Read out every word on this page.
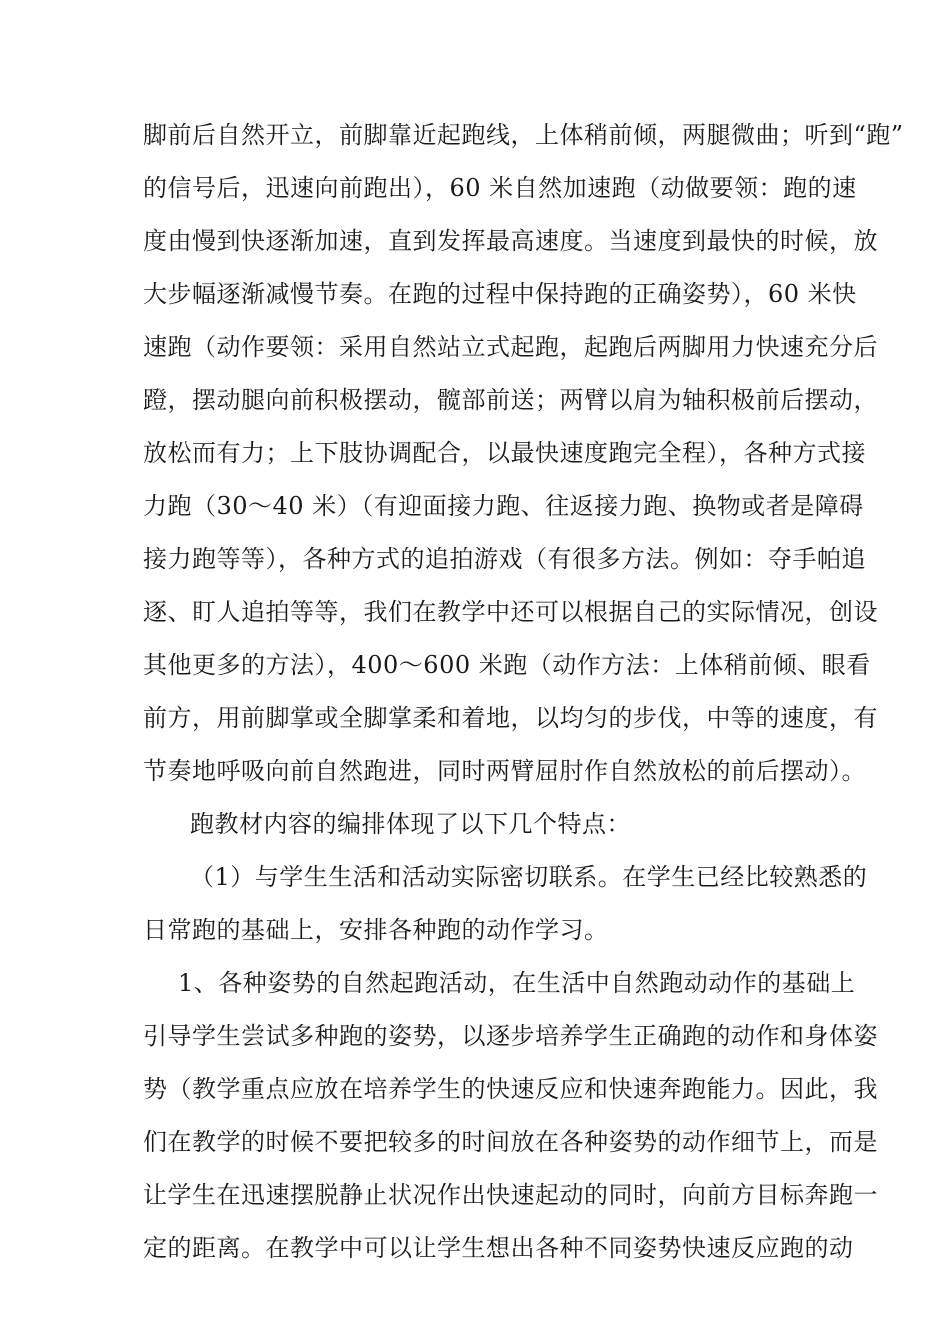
脚前后自然开立，前脚靠近起跑线，上体稍前倾，两腿微曲；听到“跑”
的信号后，迅速向前跑出），60 米自然加速跑（动做要领：跑的速
度由慢到快逐渐加速，直到发挥最高速度。当速度到最快的时候，放
大步幅逐渐减慢节奏。在跑的过程中保持跑的正确姿势），60 米快
速跑（动作要领：采用自然站立式起跑，起跑后两脚用力快速充分后
蹬，摆动腿向前积极摆动，髋部前送；两臂以肩为轴积极前后摆动，
放松而有力；上下肢协调配合，以最快速度跑完全程），各种方式接
力跑（30～40 米）（有迎面接力跑、往返接力跑、换物或者是障碍
接力跑等等），各种方式的追拍游戏（有很多方法。例如：夺手帕追
逐、盯人追拍等等，我们在教学中还可以根据自己的实际情况，创设
其他更多的方法），400～600 米跑（动作方法：上体稍前倾、眼看
前方，用前脚掌或全脚掌柔和着地，以均匀的步伐，中等的速度，有
节奏地呼吸向前自然跑进，同时两臂屈肘作自然放松的前后摆动）。
跑教材内容的编排体现了以下几个特点：
（1）与学生生活和活动实际密切联系。在学生已经比较熟悉的
日常跑的基础上，安排各种跑的动作学习。
1、各种姿势的自然起跑活动，在生活中自然跑动动作的基础上
引导学生尝试多种跑的姿势，以逐步培养学生正确跑的动作和身体姿
势（教学重点应放在培养学生的快速反应和快速奔跑能力。因此，我
们在教学的时候不要把较多的时间放在各种姿势的动作细节上，而是
让学生在迅速摆脱静止状况作出快速起动的同时，向前方目标奔跑一
定的距离。在教学中可以让学生想出各种不同姿势快速反应跑的动
